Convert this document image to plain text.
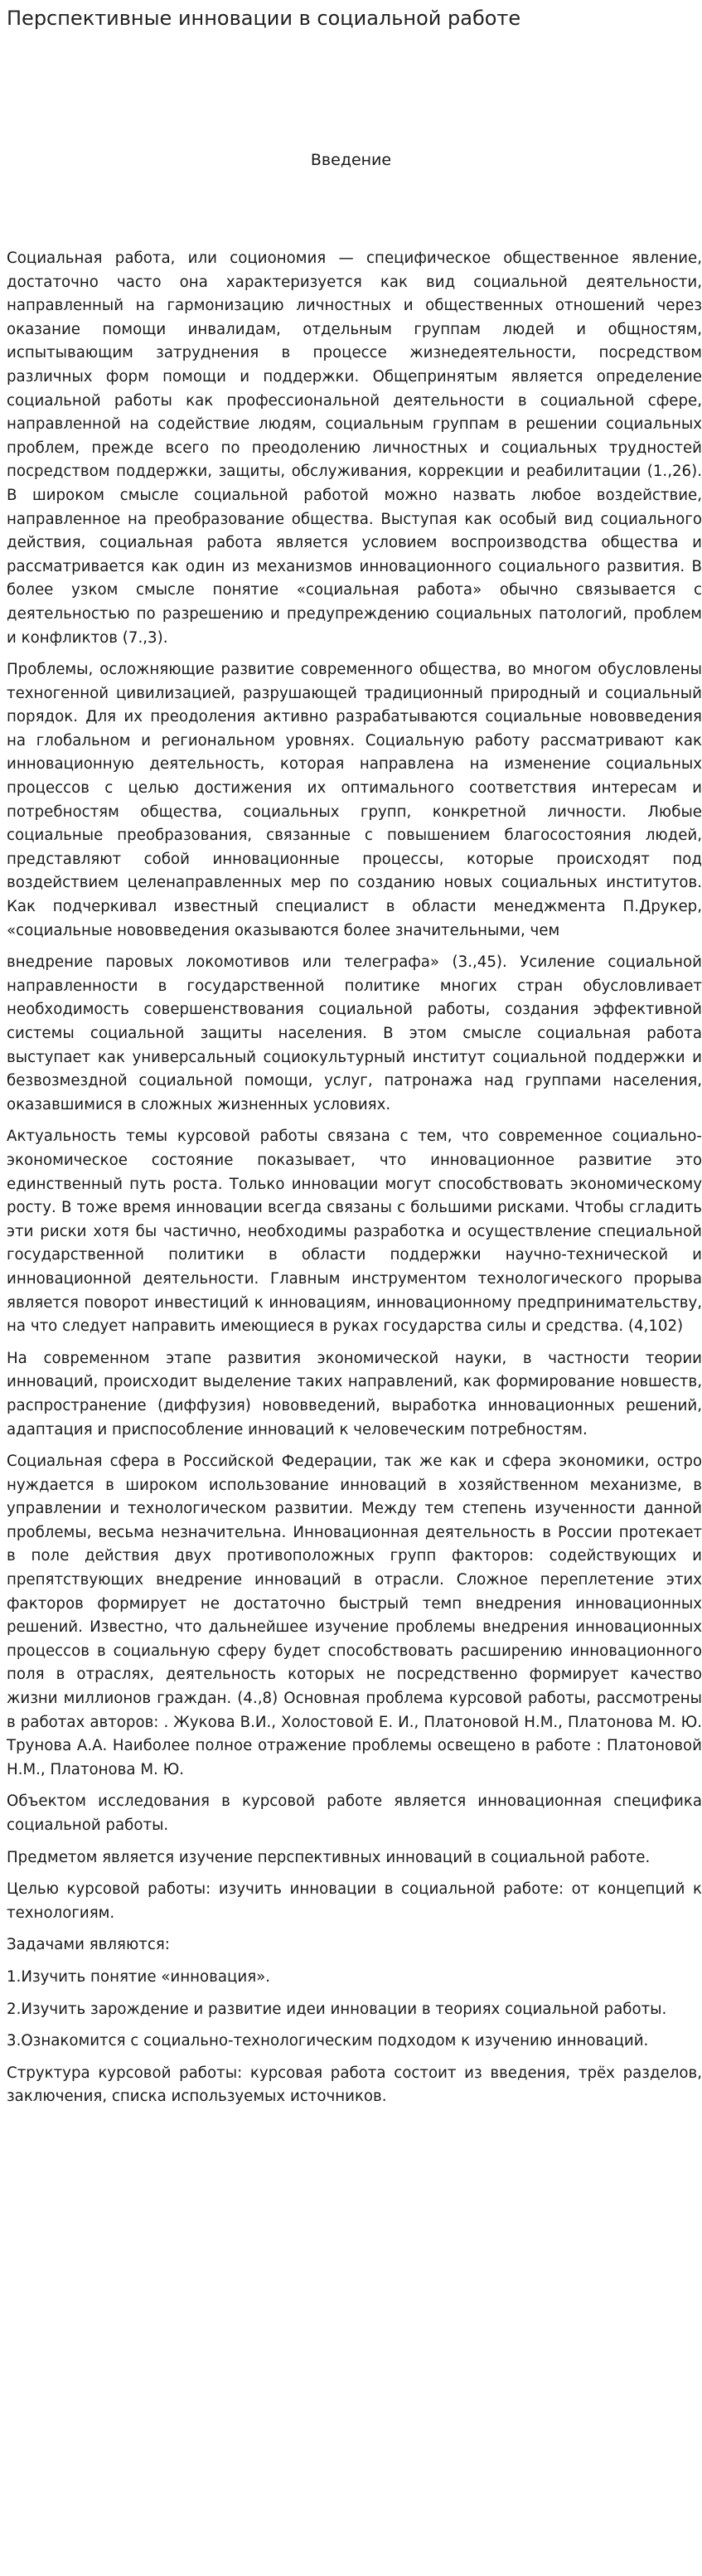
Перспективные инновации в социальной работе
Введение

Социальная работа, или социономия — специфическое общественное явление, достаточно часто она характеризуется как вид социальной деятельности, направленный на гармонизацию личностных и общественных отношений через оказание помощи инвалидам, отдельным группам людей и общностям, испытывающим затруднения в процессе жизнедеятельности, посредством различных форм помощи и поддержки. Общепринятым является определение социальной работы как профессиональной деятельности в социальной сфере, направленной на содействие людям, социальным группам в решении социальных проблем, прежде всего по преодолению личностных и социальных трудностей посредством поддержки, защиты, обслуживания, коррекции и реабилитации (1.,26). В широком смысле социальной работой можно назвать любое воздействие, направленное на преобразование общества. Выступая как особый вид социального действия, социальная работа является условием воспроизводства общества и рассматривается как один из механизмов инновационного социального развития. В более узком смысле понятие «социальная работа» обычно связывается с деятельностью по разрешению и предупреждению социальных патологий, проблем и конфликтов (7.,3).

Проблемы, осложняющие развитие современного общества, во многом обусловлены техногенной цивилизацией, разрушающей традиционный природный и социальный порядок. Для их преодоления активно разрабатываются социальные нововведения на глобальном и региональном уровнях. Социальную работу рассматривают как инновационную деятельность, которая направлена на изменение социальных процессов с целью достижения их оптимального соответствия интересам и потребностям общества, социальных групп, конкретной личности. Любые социальные преобразования, связанные с повышением благосостояния людей, представляют собой инновационные процессы, которые происходят под воздействием целенаправленных мер по созданию новых социальных институтов. Как подчеркивал известный специалист в области менеджмента П.Друкер, «социальные нововведения оказываются более значительными, чем

внедрение паровых локомотивов или телеграфа» (3.,45). Усиление социальной направленности в государственной политике многих стран обусловливает необходимость совершенствования социальной работы, создания эффективной системы социальной защиты населения. В этом смысле социальная работа выступает как универсальный социокультурный институт социальной поддержки и безвозмездной социальной помощи, услуг, патронажа над группами населения, оказавшимися в сложных жизненных условиях.

Актуальность темы курсовой работы связана с тем, что современное социально-экономическое состояние показывает, что инновационное развитие это единственный путь роста. Только инновации могут способствовать экономическому росту. В тоже время инновации всегда связаны с большими рисками. Чтобы сгладить эти риски хотя бы частично, необходимы разработка и осуществление специальной государственной политики в области поддержки научно-технической и инновационной деятельности. Главным инструментом технологического прорыва является поворот инвестиций к инновациям, инновационному предпринимательству, на что следует направить имеющиеся в руках государства силы и средства. (4,102)

На современном этапе развития экономической науки, в частности теории инноваций, происходит выделение таких направлений, как формирование новшеств, распространение (диффузия) нововведений, выработка инновационных решений, адаптация и приспособление инноваций к человеческим потребностям.

Социальная сфера в Российской Федерации, так же как и сфера экономики, остро нуждается в широком использование инноваций в хозяйственном механизме, в управлении и технологическом развитии. Между тем степень изученности данной проблемы, весьма незначительна. Инновационная деятельность в России протекает в поле действия двух противоположных групп факторов: содействующих и препятствующих внедрение инноваций в отрасли. Сложное переплетение этих факторов формирует не достаточно быстрый темп внедрения инновационных решений. Известно, что дальнейшее изучение проблемы внедрения инновационных процессов в социальную сферу будет способствовать расширению инновационного поля в отраслях, деятельность которых не посредственно формирует качество жизни миллионов граждан. (4.,8) Основная проблема курсовой работы, рассмотрены в работах авторов: . Жукова В.И., Холостовой Е. И., Платоновой Н.М., Платонова М. Ю. Трунова А.А. Наиболее полное отражение проблемы освещено в работе : Платоновой Н.М., Платонова М. Ю.

Объектом исследования в курсовой работе является инновационная специфика социальной работы.

Предметом является изучение перспективных инноваций в социальной работе.

Целью курсовой работы: изучить инновации в социальной работе: от концепций к технологиям.

Задачами являются:

1.Изучить понятие «инновация».

2.Изучить зарождение и развитие идеи инновации в теориях социальной работы.

3.Ознакомится с социально-технологическим подходом к изучению инноваций.

Структура курсовой работы: курсовая работа состоит из введения, трёх разделов, заключения, списка используемых источников.
